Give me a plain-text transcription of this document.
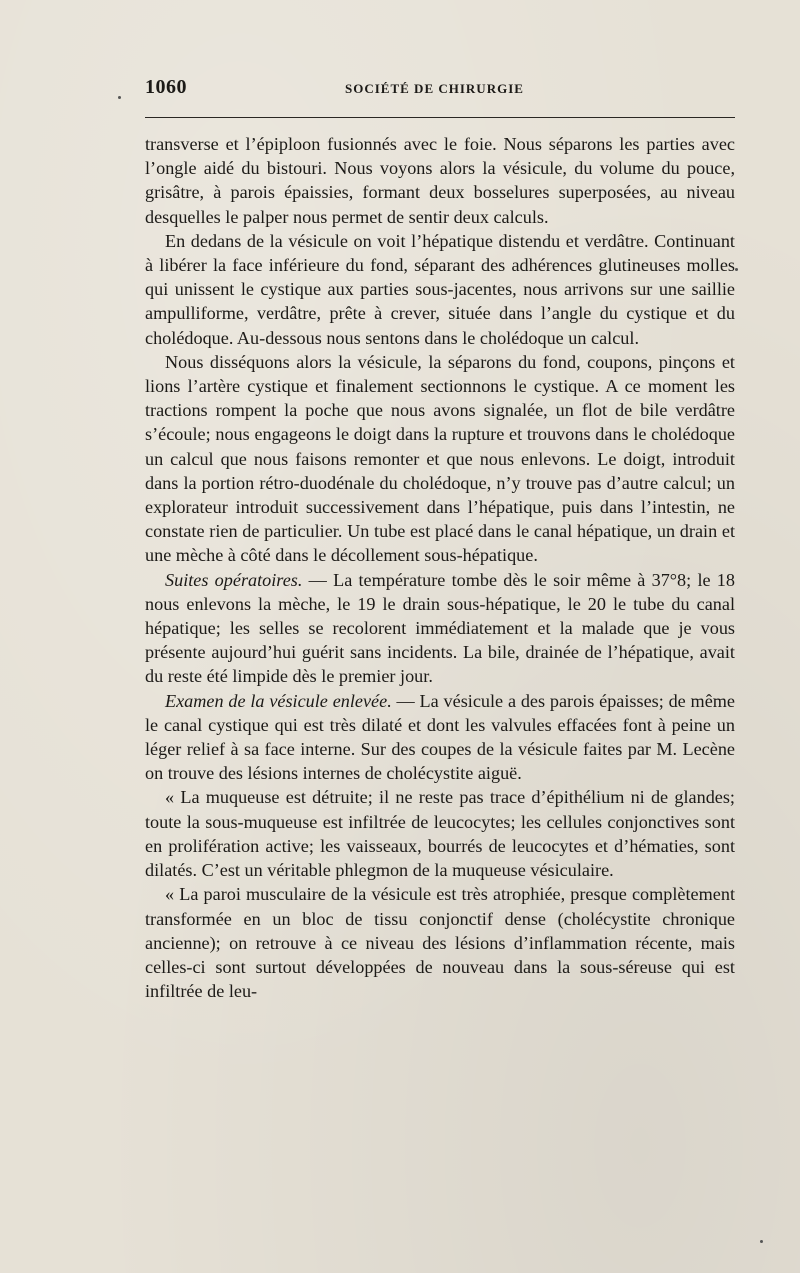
1060	SOCIÉTÉ DE CHIRURGIE

transverse et l’épiploon fusionnés avec le foie. Nous séparons les parties avec l’ongle aidé du bistouri. Nous voyons alors la vésicule, du volume du pouce, grisâtre, à parois épaissies, formant deux bosselures superposées, au niveau desquelles le palper nous permet de sentir deux calculs.

En dedans de la vésicule on voit l’hépatique distendu et verdâtre. Continuant à libérer la face inférieure du fond, séparant des adhérences glutineuses molles qui unissent le cystique aux parties sous-jacentes, nous arrivons sur une saillie ampulliforme, verdâtre, prête à crever, située dans l’angle du cystique et du cholédoque. Au-dessous nous sentons dans le cholédoque un calcul.

Nous disséquons alors la vésicule, la séparons du fond, coupons, pinçons et lions l’artère cystique et finalement sectionnons le cystique. A ce moment les tractions rompent la poche que nous avons signalée, un flot de bile verdâtre s’écoule; nous engageons le doigt dans la rupture et trouvons dans le cholédoque un calcul que nous faisons remonter et que nous enlevons. Le doigt, introduit dans la portion rétro-duodénale du cholédoque, n’y trouve pas d’autre calcul; un explorateur introduit successivement dans l’hépatique, puis dans l’intestin, ne constate rien de particulier. Un tube est placé dans le canal hépatique, un drain et une mèche à côté dans le décollement sous-hépatique.

Suites opératoires. — La température tombe dès le soir même à 37°8; le 18 nous enlevons la mèche, le 19 le drain sous-hépatique, le 20 le tube du canal hépatique; les selles se recolorent immédiatement et la malade que je vous présente aujourd’hui guérit sans incidents. La bile, drainée de l’hépatique, avait du reste été limpide dès le premier jour.

Examen de la vésicule enlevée. — La vésicule a des parois épaisses; de même le canal cystique qui est très dilaté et dont les valvules effacées font à peine un léger relief à sa face interne. Sur des coupes de la vésicule faites par M. Lecène on trouve des lésions internes de cholécystite aiguë.

« La muqueuse est détruite; il ne reste pas trace d’épithélium ni de glandes; toute la sous-muqueuse est infiltrée de leucocytes; les cellules conjonctives sont en prolifération active; les vaisseaux, bourrés de leucocytes et d’hématies, sont dilatés. C’est un véritable phlegmon de la muqueuse vésiculaire.

« La paroi musculaire de la vésicule est très atrophiée, presque complètement transformée en un bloc de tissu conjonctif dense (cholécystite chronique ancienne); on retrouve à ce niveau des lésions d’inflammation récente, mais celles-ci sont surtout développées de nouveau dans la sous-séreuse qui est infiltrée de leu-
